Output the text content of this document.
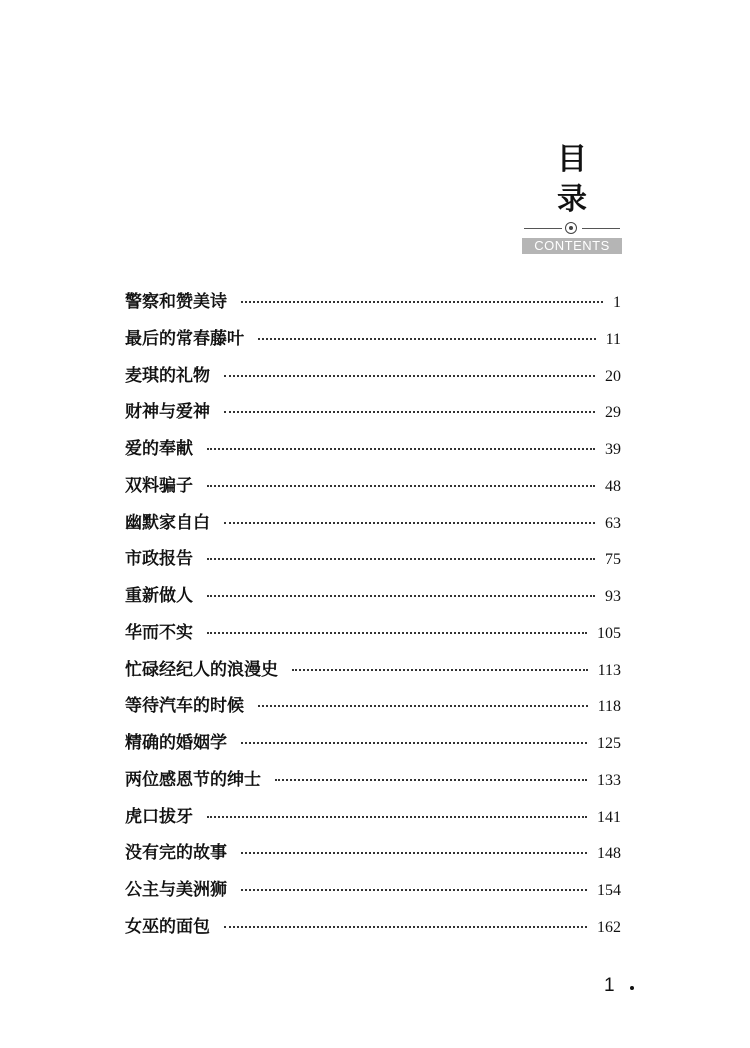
目 录
CONTENTS
警察和赞美诗	1
最后的常春藤叶	11
麦琪的礼物	20
财神与爱神	29
爱的奉献	39
双料骗子	48
幽默家自白	63
市政报告	75
重新做人	93
华而不实	105
忙碌经纪人的浪漫史	113
等待汽车的时候	118
精确的婚姻学	125
两位感恩节的绅士	133
虎口拔牙	141
没有完的故事	148
公主与美洲狮	154
女巫的面包	162
1
